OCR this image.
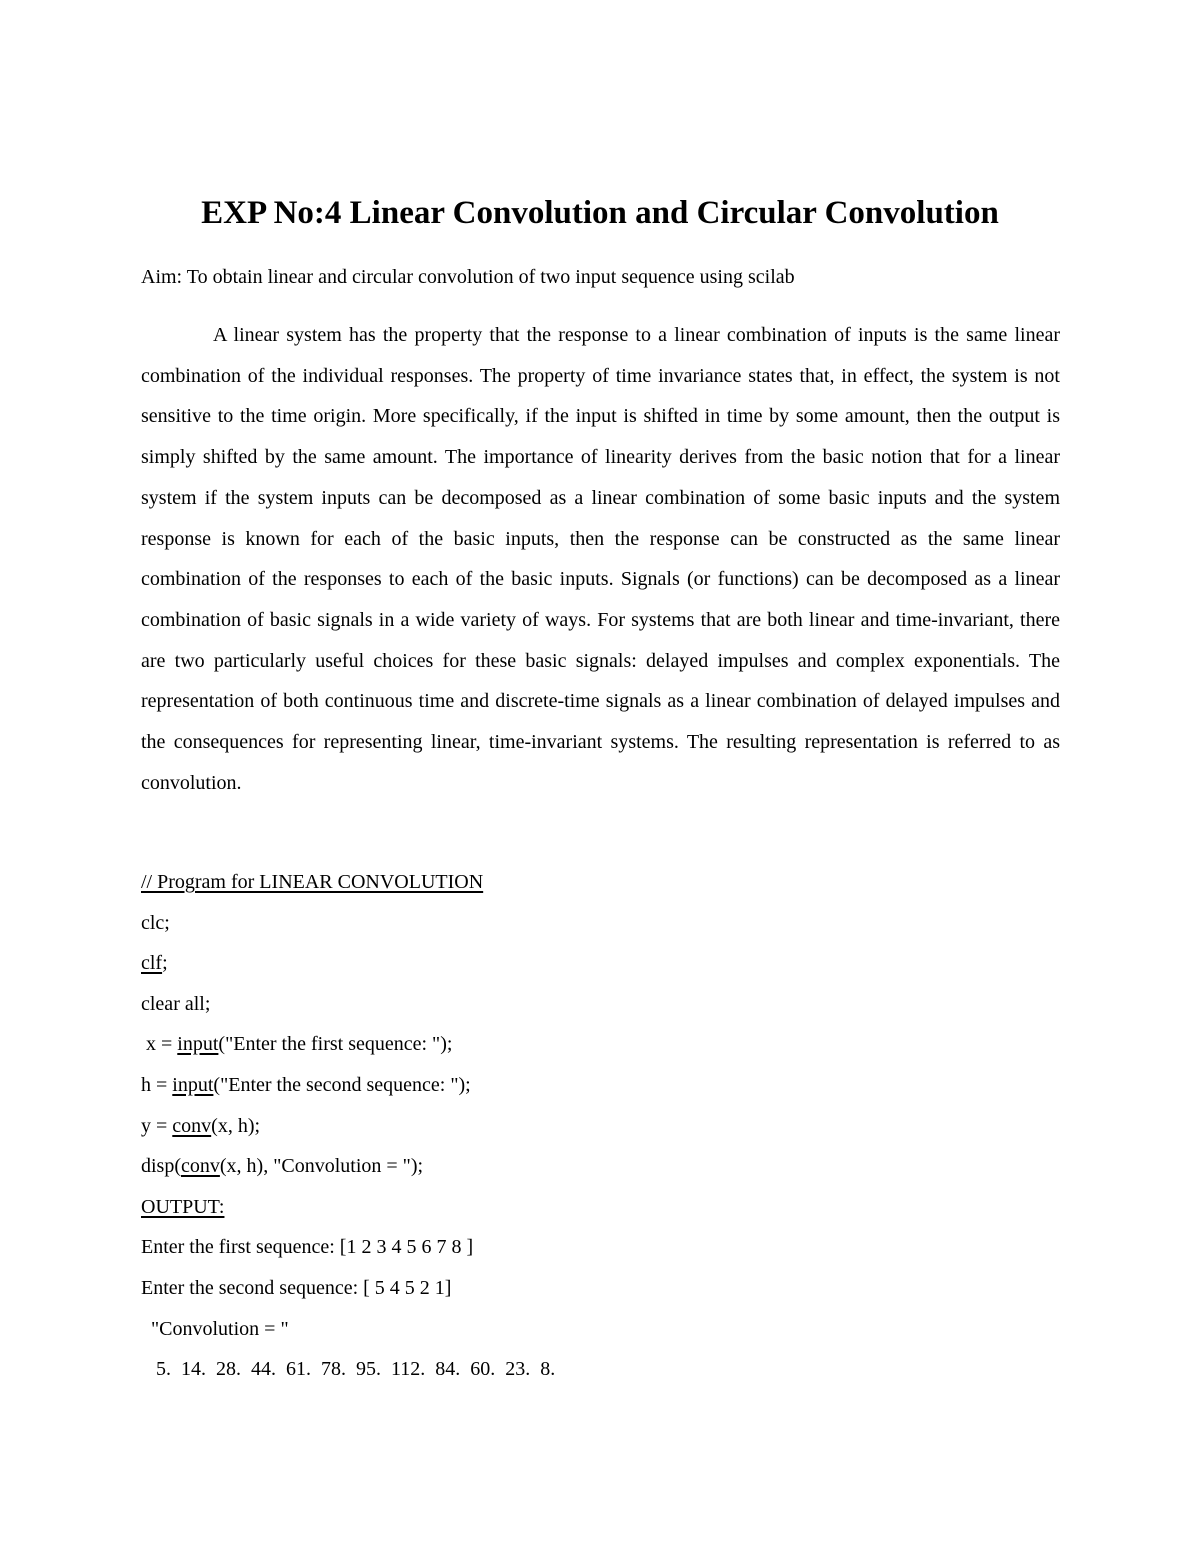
EXP No:4 Linear Convolution and Circular Convolution

Aim: To obtain linear and circular convolution of two input sequence using scilab

A linear system has the property that the response to a linear combination of inputs is the same linear combination of the individual responses. The property of time invariance states that, in effect, the system is not sensitive to the time origin. More specifically, if the input is shifted in time by some amount, then the output is simply shifted by the same amount. The importance of linearity derives from the basic notion that for a linear system if the system inputs can be decomposed as a linear combination of some basic inputs and the system response is known for each of the basic inputs, then the response can be constructed as the same linear combination of the responses to each of the basic inputs. Signals (or functions) can be decomposed as a linear combination of basic signals in a wide variety of ways. For systems that are both linear and time-invariant, there are two particularly useful choices for these basic signals: delayed impulses and complex exponentials. The representation of both continuous time and discrete-time signals as a linear combination of delayed impulses and the consequences for representing linear, time-invariant systems. The resulting representation is referred to as convolution.

// Program for LINEAR CONVOLUTION
clc;
clf;
clear all;
x = input("Enter the first sequence: ");
h = input("Enter the second sequence: ");
y = conv(x, h);
disp(conv(x, h), "Convolution = ");
OUTPUT:
Enter the first sequence: [1 2 3 4 5 6 7 8 ]
Enter the second sequence: [ 5 4 5 2 1]
"Convolution = "
5.  14.  28.  44.  61.  78.  95.  112.  84.  60.  23.  8.
